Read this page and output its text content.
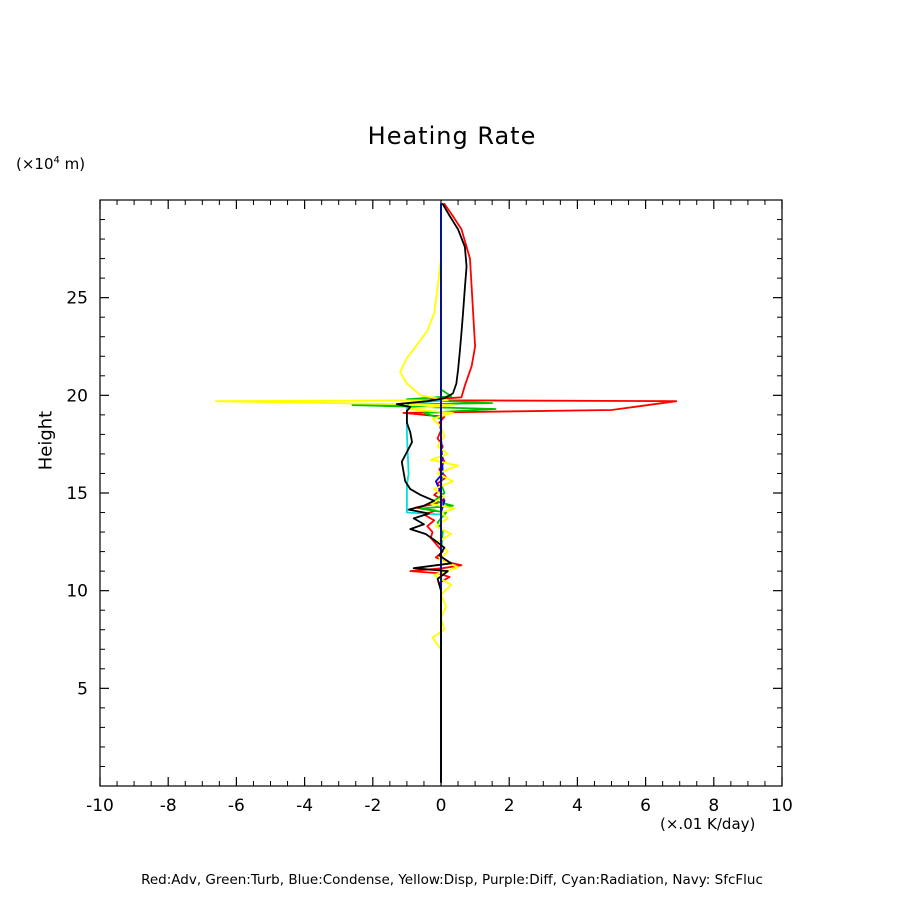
Heating Rate
($\times 10^4$ m)
Height
(×.01 K/day)
-10	-8	-6	-4	-2	0	2	4	6	8	10
5
10
15
20
25
Red:Adv, Green:Turb, Blue:Condense, Yellow:Disp, Purple:Diff, Cyan:Radiation, Navy: SfcFluc
